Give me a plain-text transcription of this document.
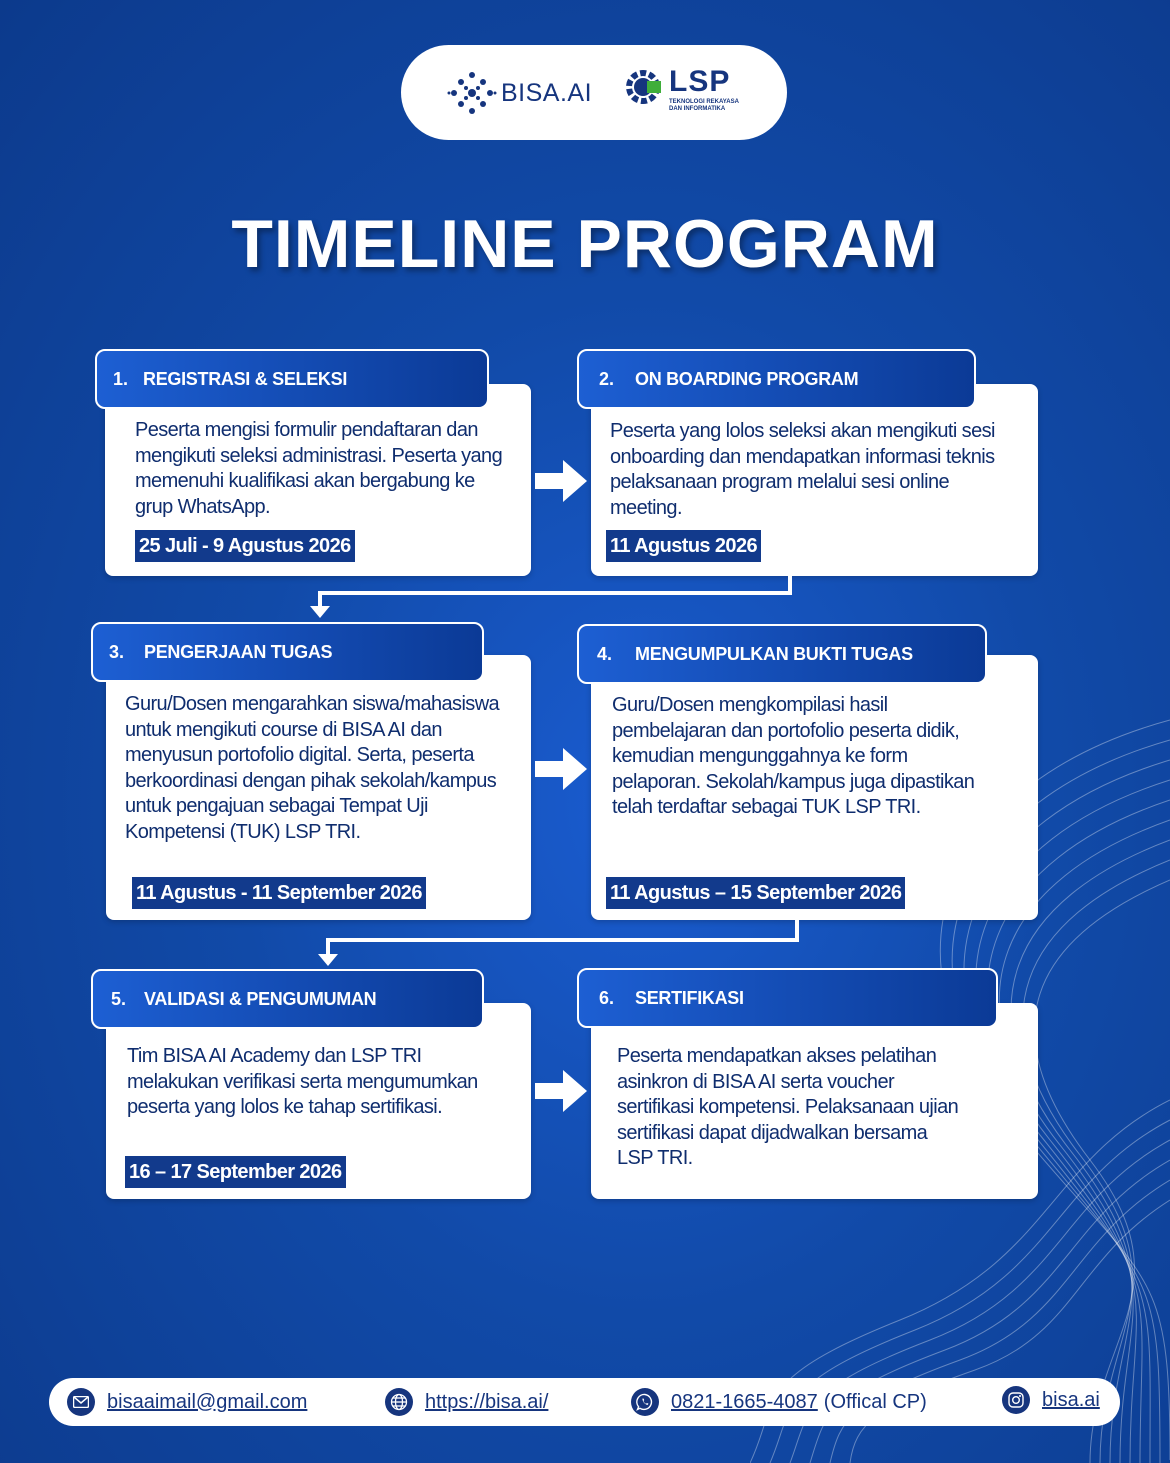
BISA.AI	LSP
TEKNOLOGI REKAYASA DAN INFORMATIKA
TIMELINE PROGRAM

Peserta mengisi formulir pendaftaran dan mengikuti seleksi administrasi. Peserta yang memenuhi kualifikasi akan bergabung ke grup WhatsApp.

25 Juli - 9 Agustus 2026
1. REGISTRASI & SELEKSI

Peserta yang lolos seleksi akan mengikuti sesi onboarding dan mendapatkan informasi teknis pelaksanaan program melalui sesi online meeting.

11 Agustus 2026
2.	ON BOARDING PROGRAM

Guru/Dosen mengarahkan siswa/mahasiswa untuk mengikuti course di BISA AI dan menyusun portofolio digital. Serta, peserta berkoordinasi dengan pihak sekolah/kampus untuk pengajuan sebagai Tempat Uji Kompetensi (TUK) LSP TRI.

11 Agustus - 11 September 2026
3.	PENGERJAAN TUGAS

Guru/Dosen mengkompilasi hasil pembelajaran dan portofolio peserta didik, kemudian mengunggahnya ke form pelaporan. Sekolah/kampus juga dipastikan telah terdaftar sebagai TUK LSP TRI.

11 Agustus – 15 September 2026
4.	MENGUMPULKAN BUKTI TUGAS

Tim BISA AI Academy dan LSP TRI melakukan verifikasi serta mengumumkan peserta yang lolos ke tahap sertifikasi.

16 – 17 September 2026
5. VALIDASI & PENGUMUMAN

Peserta mendapatkan akses pelatihan asinkron di BISA AI serta voucher sertifikasi kompetensi. Pelaksanaan ujian sertifikasi dapat dijadwalkan bersama LSP TRI.

6.	SERTIFIKASI
bisaaimail@gmail.com	https://bisa.ai/	0821-1665-4087 (Offical CP)	bisa.ai
